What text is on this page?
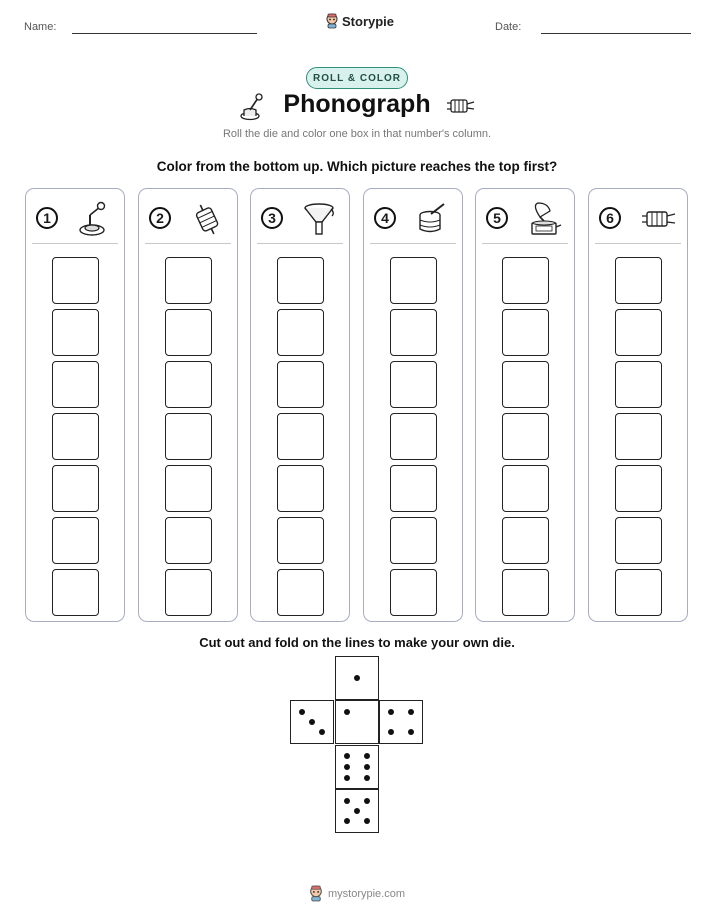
Name:	Storypie	Date:
ROLL & COLOR
Phonograph
Roll the die and color one box in that number's column.
Color from the bottom up. Which picture reaches the top first?
1	2	3	4	5	6
Cut out and fold on the lines to make your own die.
mystorypie.com
